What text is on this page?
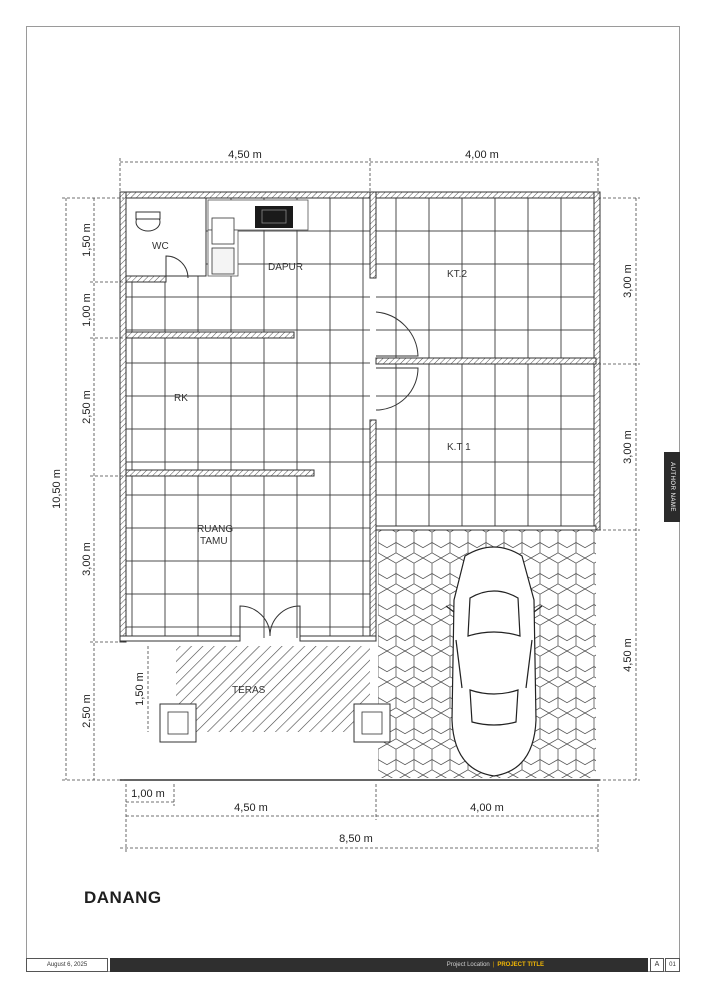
4,50 m	4,00 m
1,50 m
1,00 m
2,50 m
3,00 m
2,50 m
10,50 m
1,50 m
3,00 m
3,00 m
4,50 m
1,00 m
4,50 m	4,00 m
8,50 m
WC
DAPUR
KT.2
RK
K.T 1
RUANG
TAMU
TERAS
AUTHOR NAME
DANANG
August 6, 2025	Project Location | PROJECT TITLE	A	01
